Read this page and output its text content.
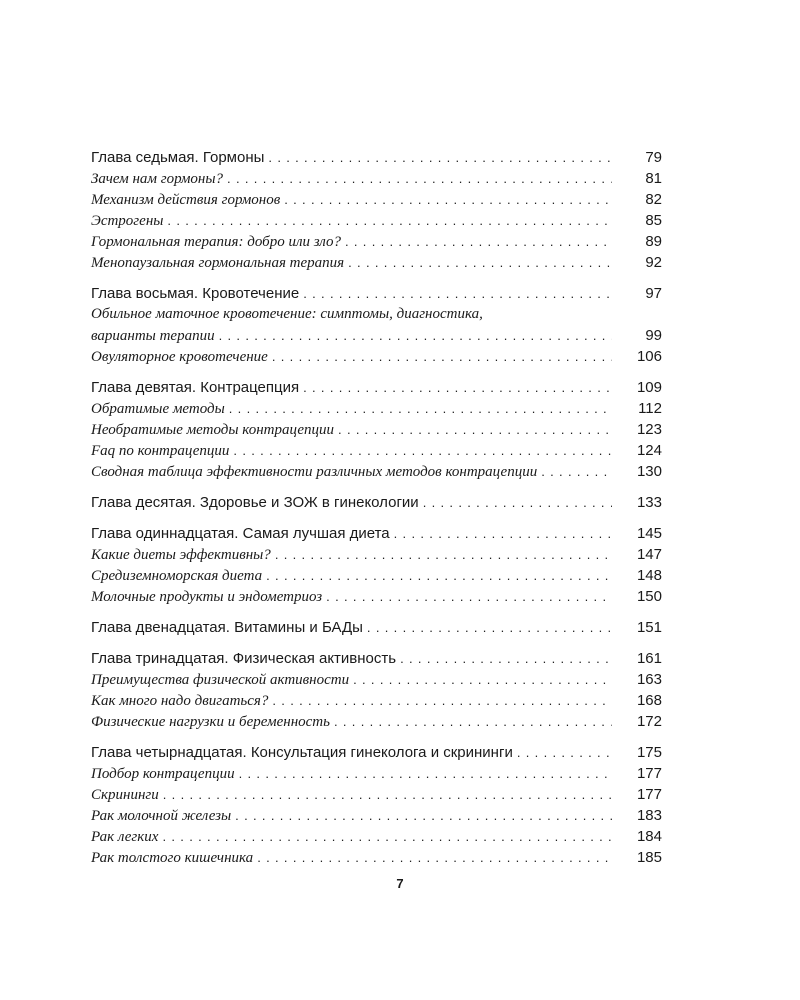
Глава седьмая. Гормоны .....	79
Зачем нам гормоны? .....	81
Механизм действия гормонов .....	82
Эстрогены .....	85
Гормональная терапия: добро или зло? .....	89
Менопаузальная гормональная терапия .....	92
Глава восьмая. Кровотечение .....	97
Обильное маточное кровотечение: симптомы, диагностика,
варианты терапии .....	99
Овуляторное кровотечение .....	106
Глава девятая. Контрацепция .....	109
Обратимые методы .....	112
Необратимые методы контрацепции .....	123
Faq по контрацепции .....	124
Сводная таблица эффективности различных методов контрацепции .....	130
Глава десятая. Здоровье и ЗОЖ в гинекологии .....	133
Глава одиннадцатая. Самая лучшая диета .....	145
Какие диеты эффективны? .....	147
Средиземноморская диета .....	148
Молочные продукты и эндометриоз .....	150
Глава двенадцатая. Витамины и БАДы .....	151
Глава тринадцатая. Физическая активность .....	161
Преимущества физической активности .....	163
Как много надо двигаться? .....	168
Физические нагрузки и беременность .....	172
Глава четырнадцатая. Консультация гинеколога и скрининги .....	175
Подбор контрацепции .....	177
Скрининги .....	177
Рак молочной железы .....	183
Рак легких .....	184
Рак толстого кишечника .....	185
7
